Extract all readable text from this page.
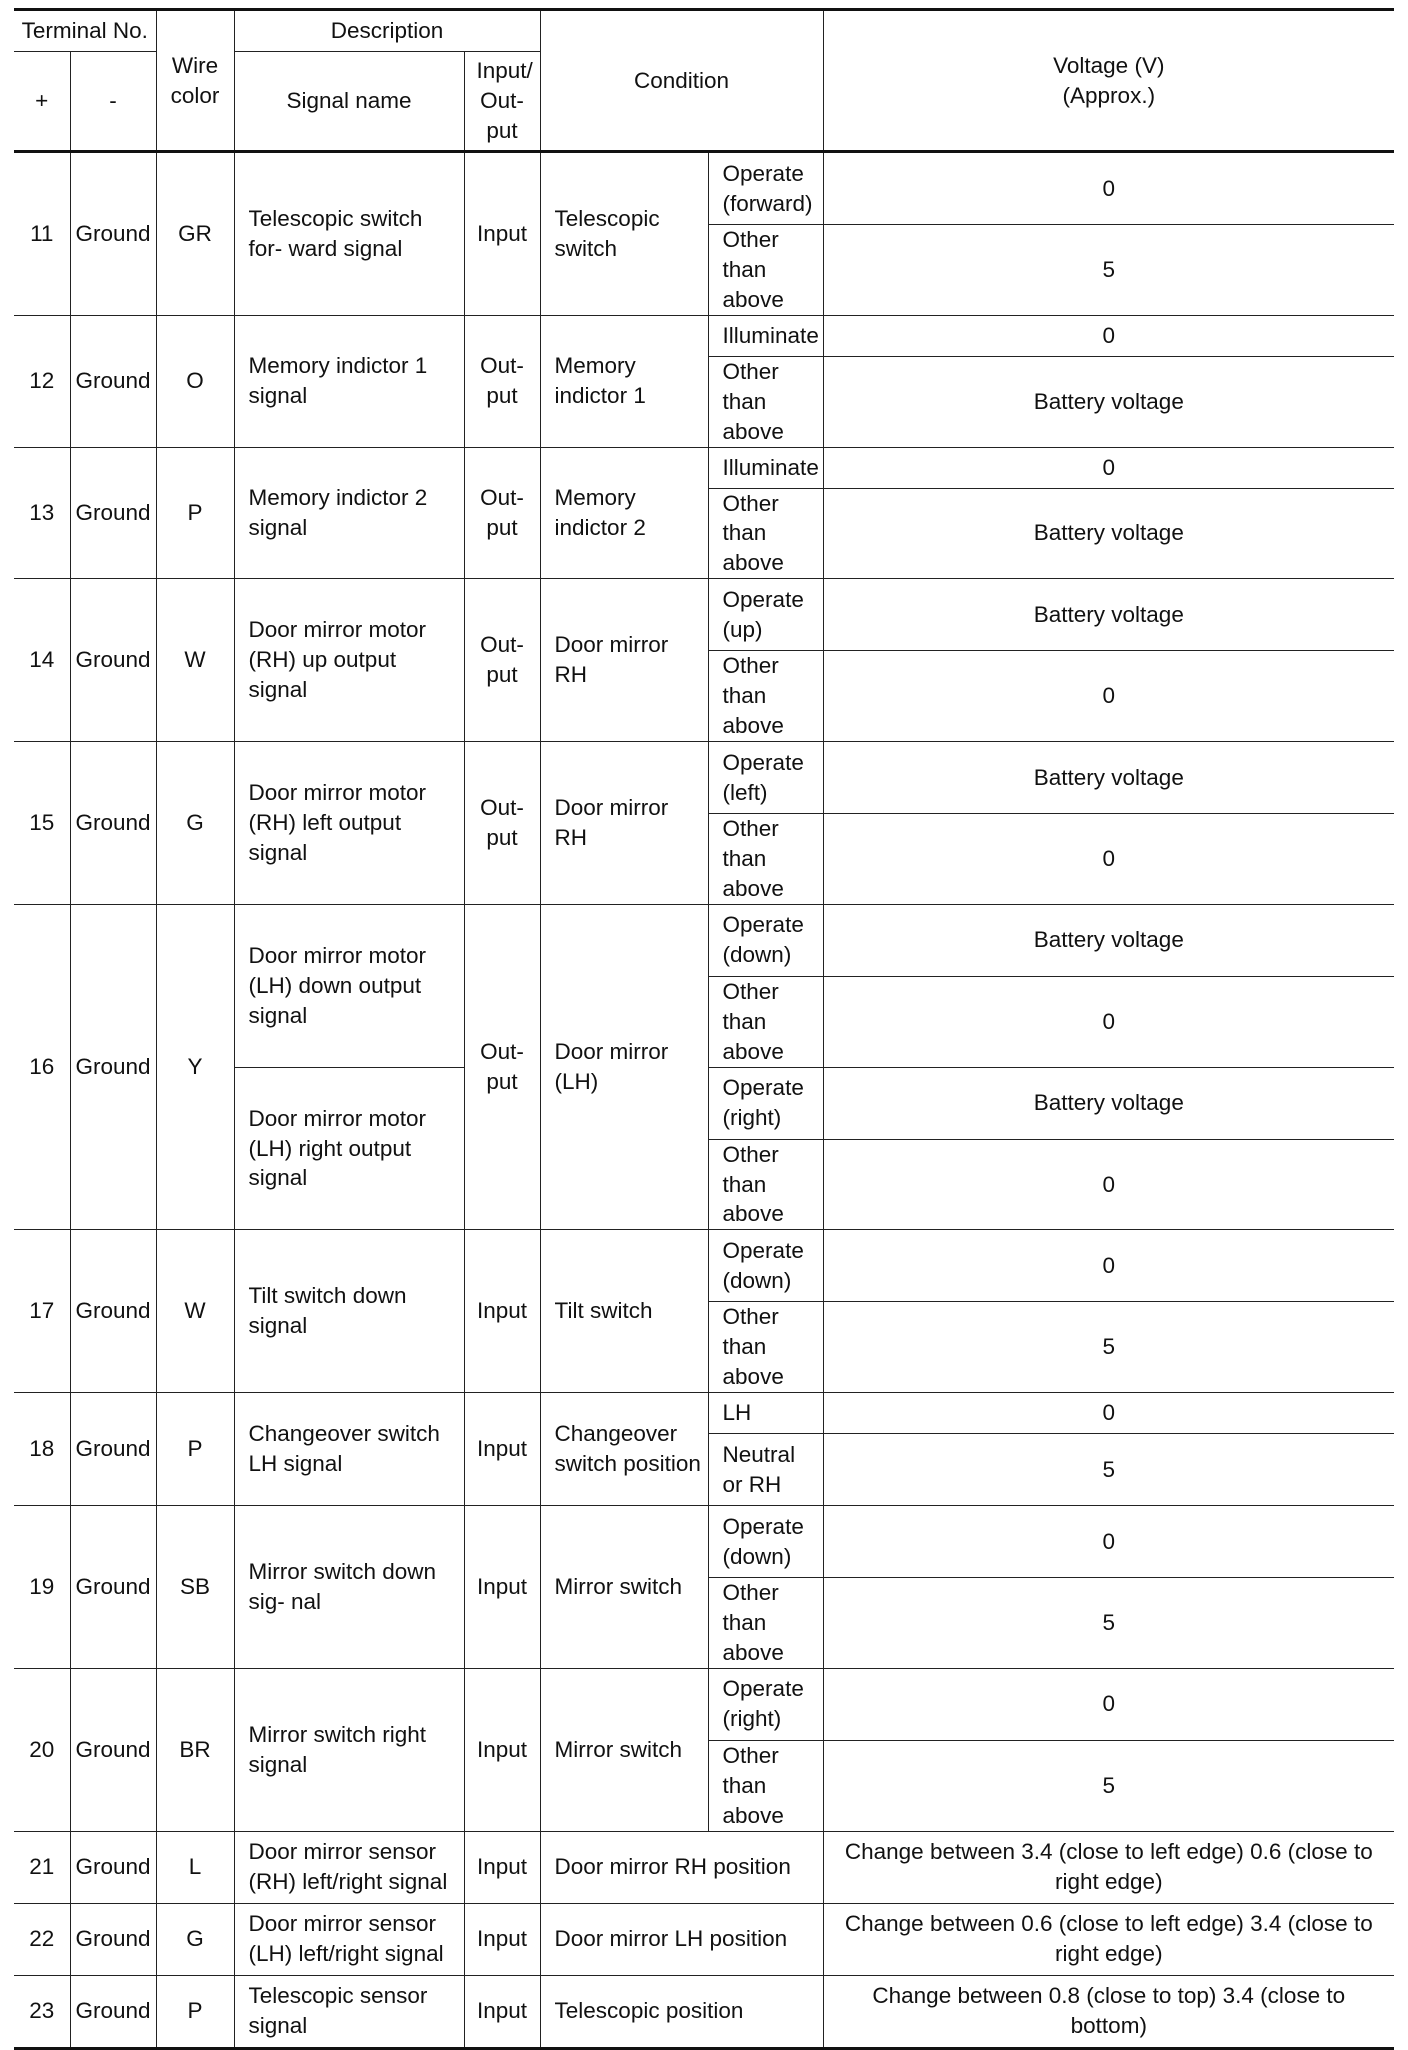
Terminal No.		Wire color	Description		Condition		Voltage (V) (Approx.)
+	-		Signal name	Input/ Out- put			
11	Ground	GR	Telescopic switch for- ward signal	Input	Telescopic switch	Operate (forward)	0
						Other than above	5
12	Ground	O	Memory indictor 1 signal	Out- put	Memory indictor 1	Illuminate	0
						Other than above	Battery voltage
13	Ground	P	Memory indictor 2 signal	Out- put	Memory indictor 2	Illuminate	0
						Other than above	Battery voltage
14	Ground	W	Door mirror motor (RH) up output signal	Out- put	Door mirror RH	Operate (up)	Battery voltage
						Other than above	0
15	Ground	G	Door mirror motor (RH) left output signal	Out- put	Door mirror RH	Operate (left)	Battery voltage
						Other than above	0
16	Ground	Y	Door mirror motor (LH) down output signal	Out- put	Door mirror (LH)	Operate (down)	Battery voltage
						Other than above	0
			Door mirror motor (LH) right output signal			Operate (right)	Battery voltage
						Other than above	0
17	Ground	W	Tilt switch down signal	Input	Tilt switch	Operate (down)	0
						Other than above	5
18	Ground	P	Changeover switch LH signal	Input	Changeover switch position	LH	0
						Neutral or RH	5
19	Ground	SB	Mirror switch down sig- nal	Input	Mirror switch	Operate (down)	0
						Other than above	5
20	Ground	BR	Mirror switch right signal	Input	Mirror switch	Operate (right)	0
						Other than above	5
21	Ground	L	Door mirror sensor (RH) left/right signal	Input	Door mirror RH position		Change between 3.4 (close to left edge) 0.6 (close to right edge)
22	Ground	G	Door mirror sensor (LH) left/right signal	Input	Door mirror LH position		Change between 0.6 (close to left edge) 3.4 (close to right edge)
23	Ground	P	Telescopic sensor signal	Input	Telescopic position		Change between 0.8 (close to top) 3.4 (close to bottom)
